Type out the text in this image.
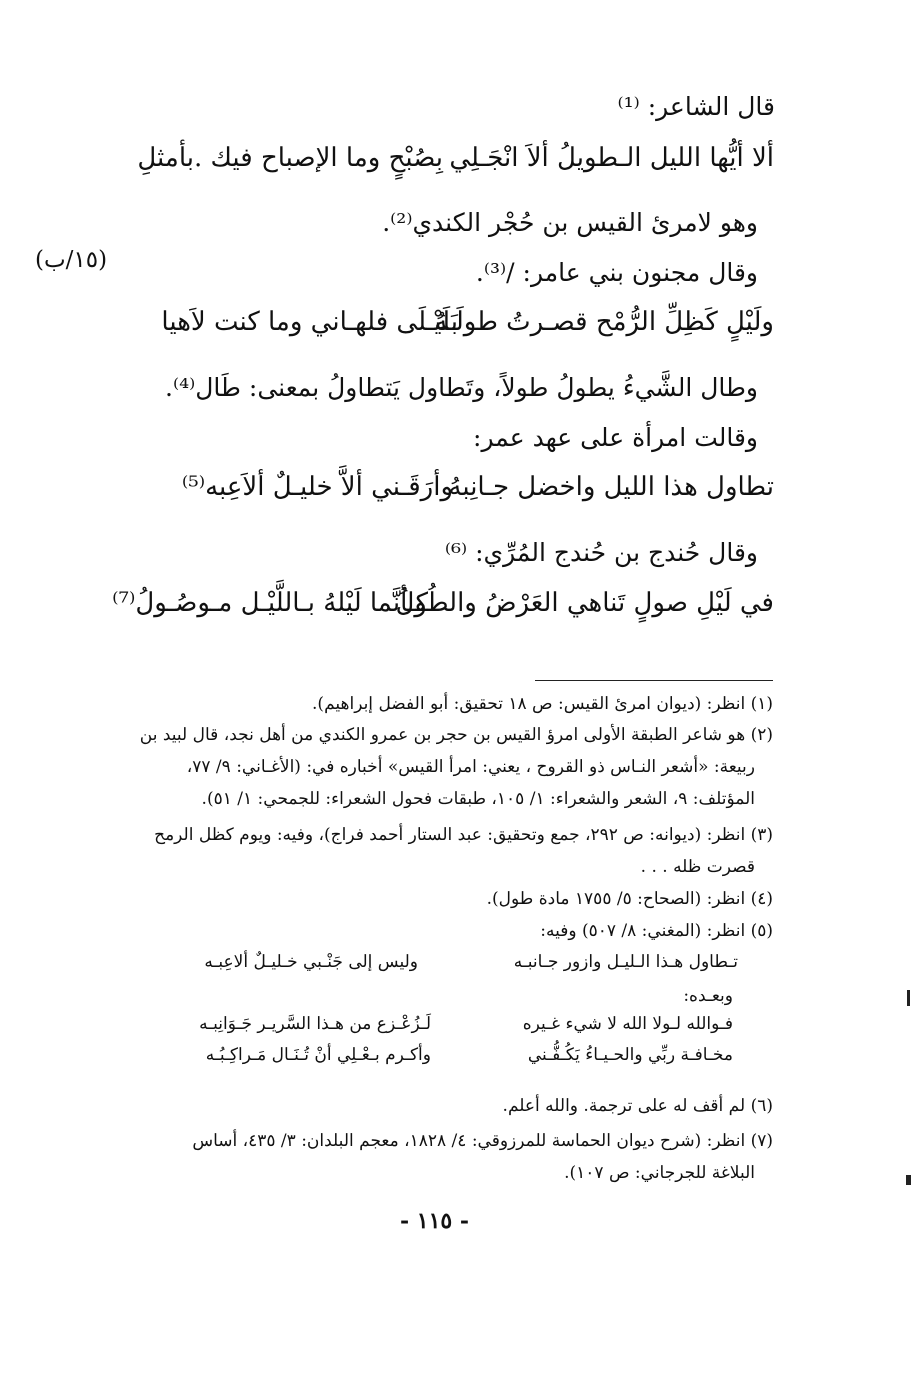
(١٥/ب)
قال الشاعر: ⁽¹⁾
ألا أيُّها الليل الـطويلُ ألاَ انْجَـلِي
بِصُبْحٍ وما الإصباح فيك .بأمثلِ
وهو لامرئ القيس بن حُجْر الكندي⁽²⁾.
وقال مجنون بني عامر: /⁽³⁾.
ولَيْلٍ كَظِلِّ الرُّمْح قصـرتُ طولَـهُ
بَلَيْـلَى فلهـاني وما كنت لاَهيا
وطال الشَّيءُ يطولُ طولاً، وتَطاول يَتطاولُ بمعنى: طَال⁽⁴⁾.
وقالت امرأة على عهد عمر:
تطاول هذا الليل واخضل جـانِبهُ
وأرَقَـني ألاَّ خليـلٌ ألاَعِبه⁽⁵⁾
وقال حُندج بن حُندج المُرِّي: ⁽⁶⁾
في لَيْلِ صولٍ تَناهي العَرْضُ والطُولُ
كـأنَّما لَيْلهُ بـاللَّيْـل مـوصُـولُ⁽⁷⁾
(١) انظر: (ديوان امرئ القيس: ص ١٨ تحقيق: أبو الفضل إبراهيم).
(٢) هو شاعر الطبقة الأولى امرؤ القيس بن حجر بن عمرو الكندي من أهل نجد، قال لبيد بن
ربيعة: «أشعر النـاس ذو القروح ، يعني: امرأ القيس» أخباره في: (الأغـاني: ٩/ ٧٧،
المؤتلف: ٩، الشعر والشعراء: ١/ ١٠٥، طبقات فحول الشعراء: للجمحي: ١/ ٥١).
(٣) انظر: (ديوانه: ص ٢٩٢، جمع وتحقيق: عبد الستار أحمد فراج)، وفيه: ويوم كظل الرمح
قصرت ظله . . .
(٤) انظر: (الصحاح: ٥/ ١٧٥٥ مادة طول).
(٥) انظر: (المغني: ٨/ ٥٠٧) وفيه:
تـطاول هـذا الـليـل وازور جـانبـه
وليس إلى جَنْـبي خـليـلٌ ألاعِبـه
وبعـده:
فـوالله لـولا الله لا شيء غـيره
لَـزُعْـزع من هـذا السَّريـر جَـوَانِبـه
مخـافـة ربِّي والحـيـاءُ يَكُـفُّـني
وأكـرم بـعْـلِي أنْ تُـنَـال مَـراكِـبُـه
(٦) لم أقف له على ترجمة. والله أعلم.
(٧) انظر: (شرح ديوان الحماسة للمرزوقي: ٤/ ١٨٢٨، معجم البلدان: ٣/ ٤٣٥، أساس
البلاغة للجرجاني: ص ١٠٧).
- ١١٥ -
